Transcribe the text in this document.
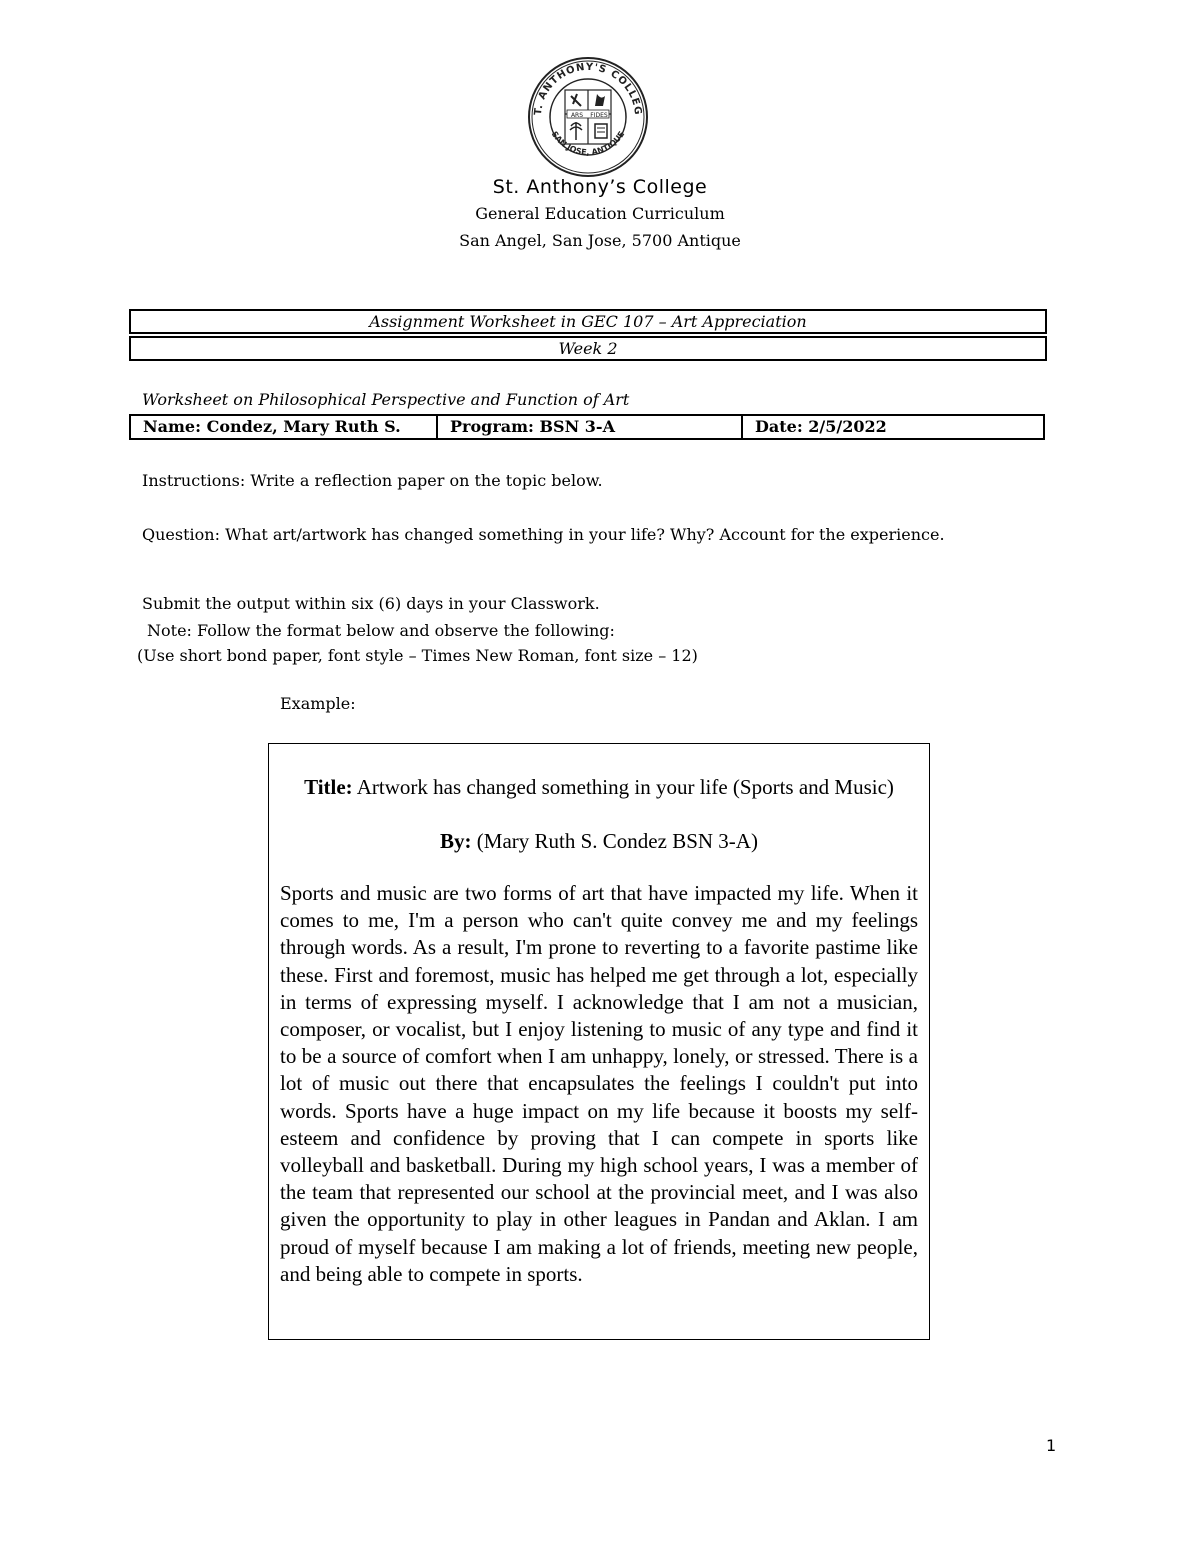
T. ANTHONY'S COLLEG
SAN JOSE, ANTIQUE
ARS FIDES
St. Anthony’s College
General Education Curriculum
San Angel, San Jose, 5700 Antique
Assignment Worksheet in GEC 107 – Art Appreciation
Week 2
Worksheet on Philosophical Perspective and Function of Art
Name: Condez, Mary Ruth S.	Program: BSN 3-A	Date: 2/5/2022
Instructions: Write a reflection paper on the topic below.
Question: What art/artwork has changed something in your life? Why? Account for the experience.
Submit the output within six (6) days in your Classwork.
Note: Follow the format below and observe the following:
(Use short bond paper, font style – Times New Roman, font size – 12)
Example:
Title: Artwork has changed something in your life (Sports and Music)
By: (Mary Ruth S. Condez BSN 3-A)
Sports and music are two forms of art that have impacted my life. When it comes to me, I'm a person who can't quite convey me and my feelings through words. As a result, I'm prone to reverting to a favorite pastime like these. First and foremost, music has helped me get through a lot, especially in terms of expressing myself. I acknowledge that I am not a musician, composer, or vocalist, but I enjoy listening to music of any type and find it to be a source of comfort when I am unhappy, lonely, or stressed. There is a lot of music out there that encapsulates the feelings I couldn't put into words. Sports have a huge impact on my life because it boosts my self-esteem and confidence by proving that I can compete in sports like volleyball and basketball. During my high school years, I was a member of the team that represented our school at the provincial meet, and I was also given the opportunity to play in other leagues in Pandan and Aklan. I am proud of myself because I am making a lot of friends, meeting new people, and being able to compete in sports.
1
